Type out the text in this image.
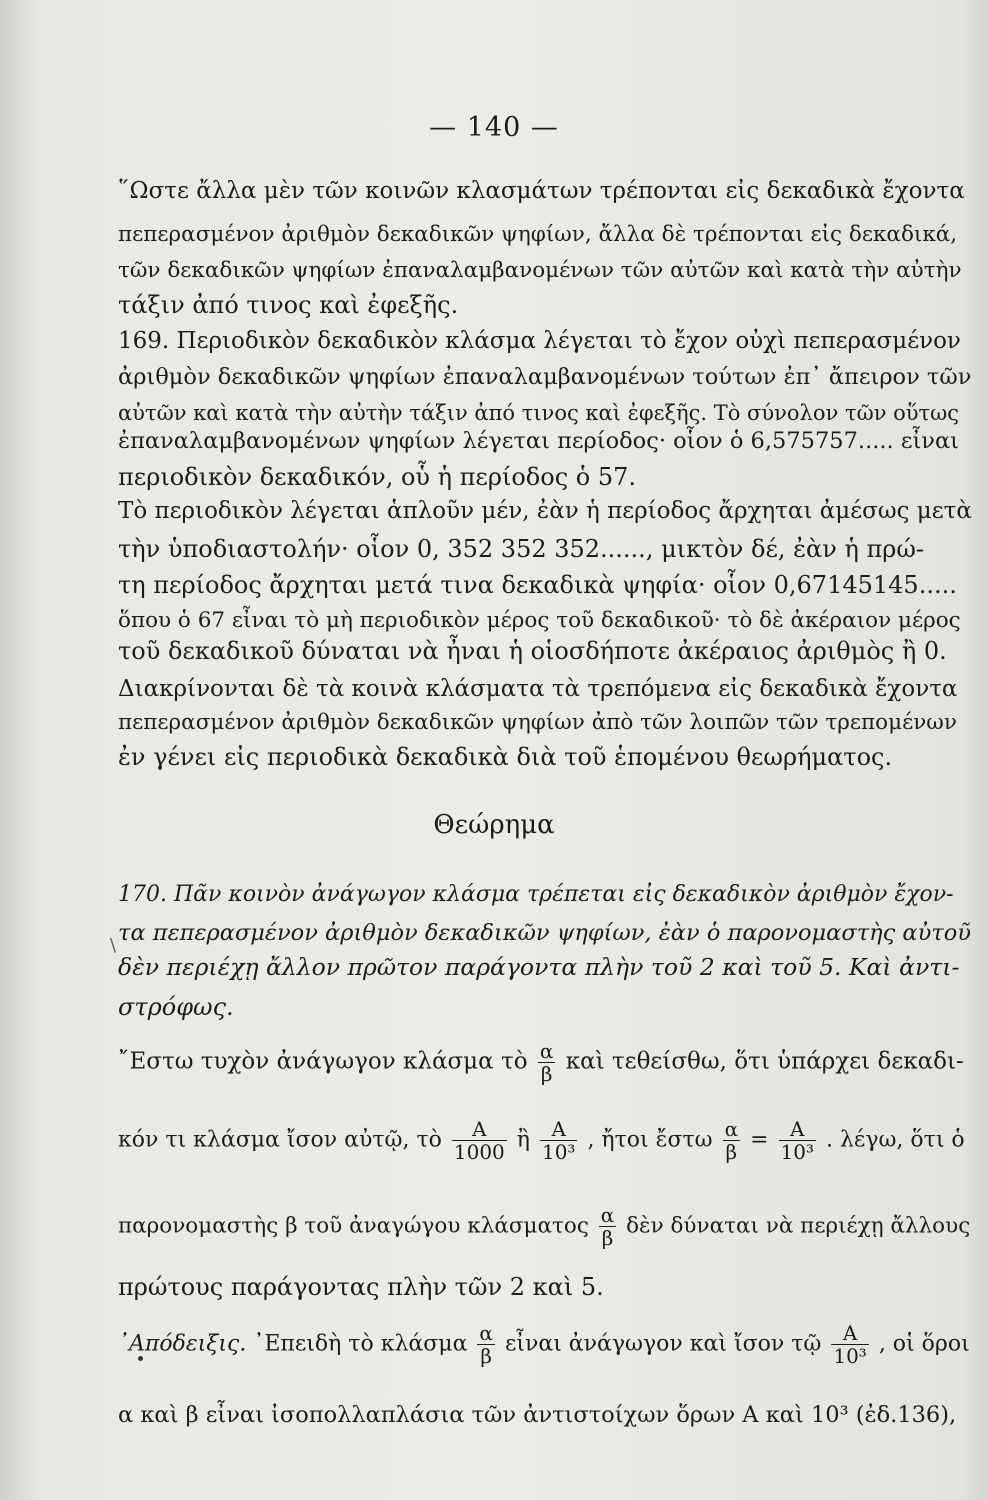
— 140 —
῞Ωστε ἄλλα μὲν τῶν κοινῶν κλασμάτων τρέπονται εἰς δεκαδικὰ ἔχοντα
πεπερασμένον ἀριθμὸν δεκαδικῶν ψηφίων, ἄλλα δὲ τρέπονται εἰς δεκαδικά,
τῶν δεκαδικῶν ψηφίων ἐπαναλαμβανομένων τῶν αὐτῶν καὶ κατὰ τὴν αὐτὴν
τάξιν ἀπό τινος καὶ ἐφεξῆς.
169. Περιοδικὸν δεκαδικὸν κλάσμα λέγεται τὸ ἔχον οὐχὶ πεπερασμένον
ἀριθμὸν δεκαδικῶν ψηφίων ἐπαναλαμβανομένων τούτων ἐπ᾽ ἄπειρον τῶν
αὐτῶν καὶ κατὰ τὴν αὐτὴν τάξιν ἀπό τινος καὶ ἐφεξῆς. Τὸ σύνολον τῶν οὕτως
ἐπαναλαμβανομένων ψηφίων λέγεται περίοδος· οἷον ὁ 6,575757..... εἶναι
περιοδικὸν δεκαδικόν, οὗ ἡ περίοδος ὁ 57.
Τὸ περιοδικὸν λέγεται ἁπλοῦν μέν, ἐὰν ἡ περίοδος ἄρχηται ἀμέσως μετὰ
τὴν ὑποδιαστολήν· οἷον 0, 352 352 352......, μικτὸν δέ, ἐὰν ἡ πρώ-
τη περίοδος ἄρχηται μετά τινα δεκαδικὰ ψηφία· οἷον 0,67145145.....
ὅπου ὁ 67 εἶναι τὸ μὴ περιοδικὸν μέρος τοῦ δεκαδικοῦ· τὸ δὲ ἀκέραιον μέρος
τοῦ δεκαδικοῦ δύναται νὰ ἦναι ἡ οἱοσδήποτε ἀκέραιος ἀριθμὸς ἢ 0.
Διακρίνονται δὲ τὰ κοινὰ κλάσματα τὰ τρεπόμενα εἰς δεκαδικὰ ἔχοντα
πεπερασμένον ἀριθμὸν δεκαδικῶν ψηφίων ἀπὸ τῶν λοιπῶν τῶν τρεπομένων
ἐν γένει εἰς περιοδικὰ δεκαδικὰ διὰ τοῦ ἑπομένου θεωρήματος.
Θεώρημα
\
170. Πᾶν κοινὸν ἀνάγωγον κλάσμα τρέπεται εἰς δεκαδικὸν ἀριθμὸν ἔχον-
τα πεπερασμένον ἀριθμὸν δεκαδικῶν ψηφίων, ἐὰν ὁ παρονομαστὴς αὐτοῦ
δὲν περιέχῃ ἄλλον πρῶτον παράγοντα πλὴν τοῦ 2 καὶ τοῦ 5. Καὶ ἀντι-
στρόφως.
῎Εστω τυχὸν ἀνάγωγον κλάσμα τὸ $\frac{\alpha}{\beta}$ καὶ τεθείσθω, ὅτι ὑπάρχει δεκαδι-
κόν τι κλάσμα ἴσον αὐτῷ, τὸ $\frac{A}{1000}$ ἢ $\frac{A}{\text{10³}}$ , ἤτοι ἔστω $\frac{\alpha}{\beta} = \frac{A}{\text{10³}}$ . λέγω, ὅτι ὁ
παρονομαστὴς β τοῦ ἀναγώγου κλάσματος $\frac{\alpha}{\beta}$ δὲν δύναται νὰ περιέχῃ ἄλλους
πρώτους παράγοντας πλὴν τῶν 2 καὶ 5.
᾿Απόδειξις. ᾿Επειδὴ τὸ κλάσμα $\frac{\alpha}{\beta}$ εἶναι ἀνάγωγον καὶ ἴσον τῷ $\frac{A}{\text{10³}}$ , οἱ ὅροι
α καὶ β εἶναι ἰσοπολλαπλάσια τῶν ἀντιστοίχων ὅρων Α καὶ 10³ (ἐδ.136),
